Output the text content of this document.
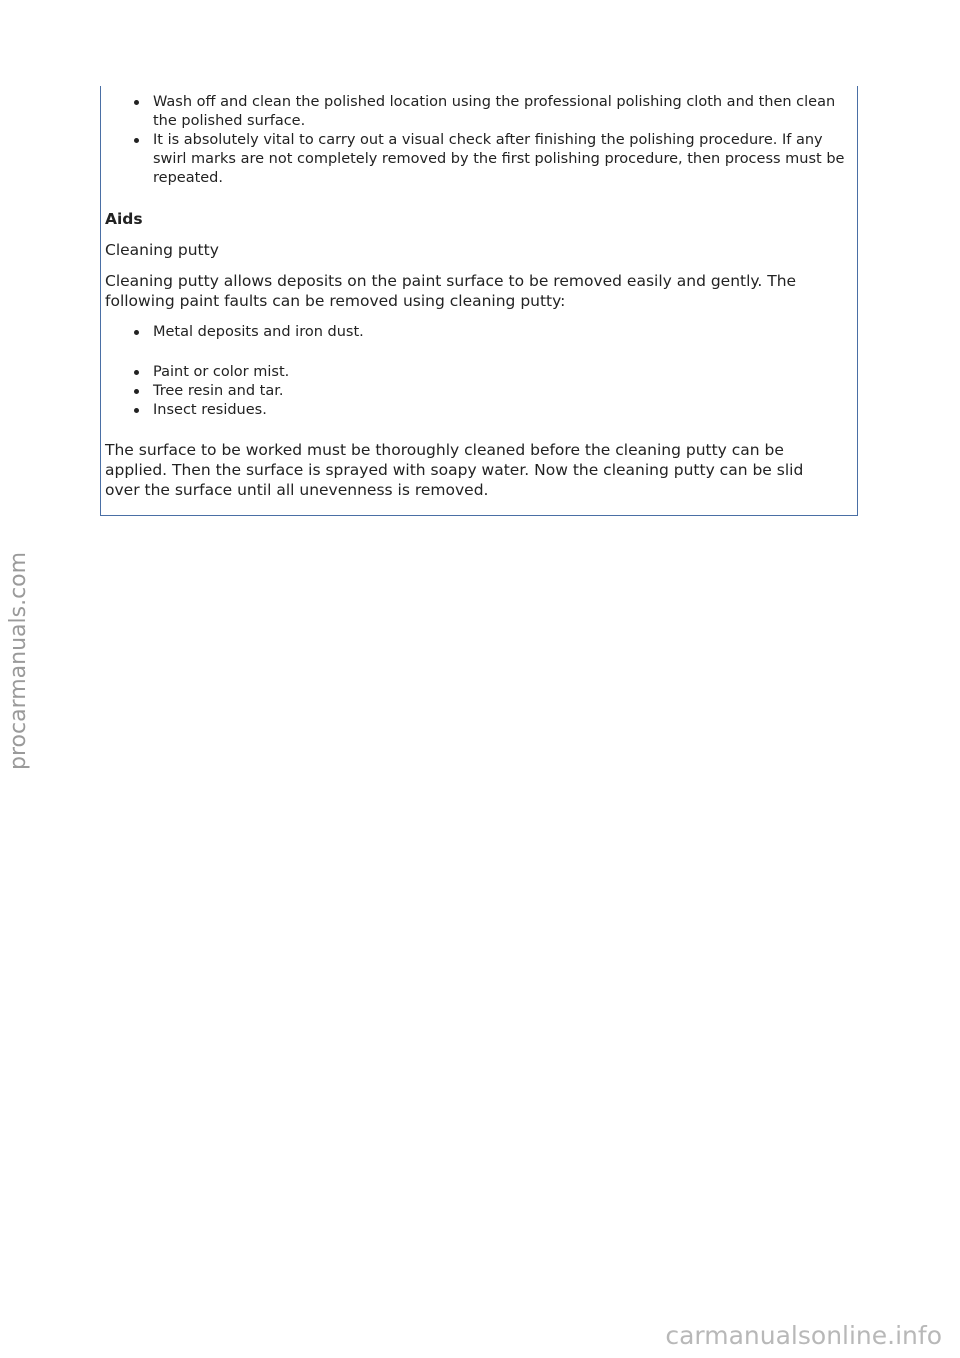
Wash off and clean the polished location using the professional polishing cloth and then clean the polished surface.
It is absolutely vital to carry out a visual check after finishing the polishing procedure. If any swirl marks are not completely removed by the first polishing procedure, then process must be repeated.

Aids

Cleaning putty

Cleaning putty allows deposits on the paint surface to be removed easily and gently. The following paint faults can be removed using cleaning putty:

Metal deposits and iron dust.
Paint or color mist.
Tree resin and tar.
Insect residues.

The surface to be worked must be thoroughly cleaned before the cleaning putty can be applied. Then the surface is sprayed with soapy water. Now the cleaning putty can be slid over the surface until all unevenness is removed.

procarmanuals.com
carmanualsonline.info
